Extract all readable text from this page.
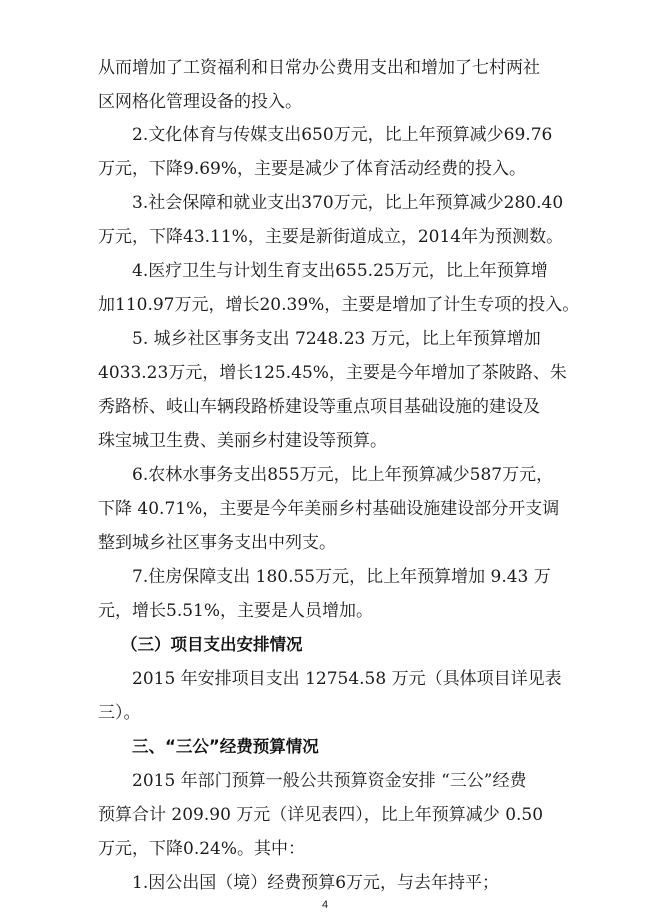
从而增加了工资福利和日常办公费用支出和增加了七村两社
区网格化管理设备的投入。
2.文化体育与传媒支出650万元，比上年预算减少69.76
万元，下降9.69%，主要是减少了体育活动经费的投入。
3.社会保障和就业支出370万元，比上年预算减少280.40
万元，下降43.11%，主要是新街道成立，2014年为预测数。
4.医疗卫生与计划生育支出655.25万元，比上年预算增
加110.97万元，增长20.39%，主要是增加了计生专项的投入。
5. 城乡社区事务支出 7248.23 万元，比上年预算增加
4033.23万元，增长125.45%，主要是今年增加了茶陂路、朱
秀路桥、岐山车辆段路桥建设等重点项目基础设施的建设及
珠宝城卫生费、美丽乡村建设等预算。
6.农林水事务支出855万元，比上年预算减少587万元，
下降 40.71%，主要是今年美丽乡村基础设施建设部分开支调
整到城乡社区事务支出中列支。
7.住房保障支出 180.55万元，比上年预算增加 9.43 万
元，增长5.51%，主要是人员增加。
（三）项目支出安排情况
2015 年安排项目支出 12754.58 万元（具体项目详见表
三）。
三、“三公”经费预算情况
2015 年部门预算一般公共预算资金安排 “三公”经费
预算合计 209.90 万元（详见表四），比上年预算减少 0.50
万元，下降0.24%。其中：
1.因公出国（境）经费预算6万元，与去年持平；
4
